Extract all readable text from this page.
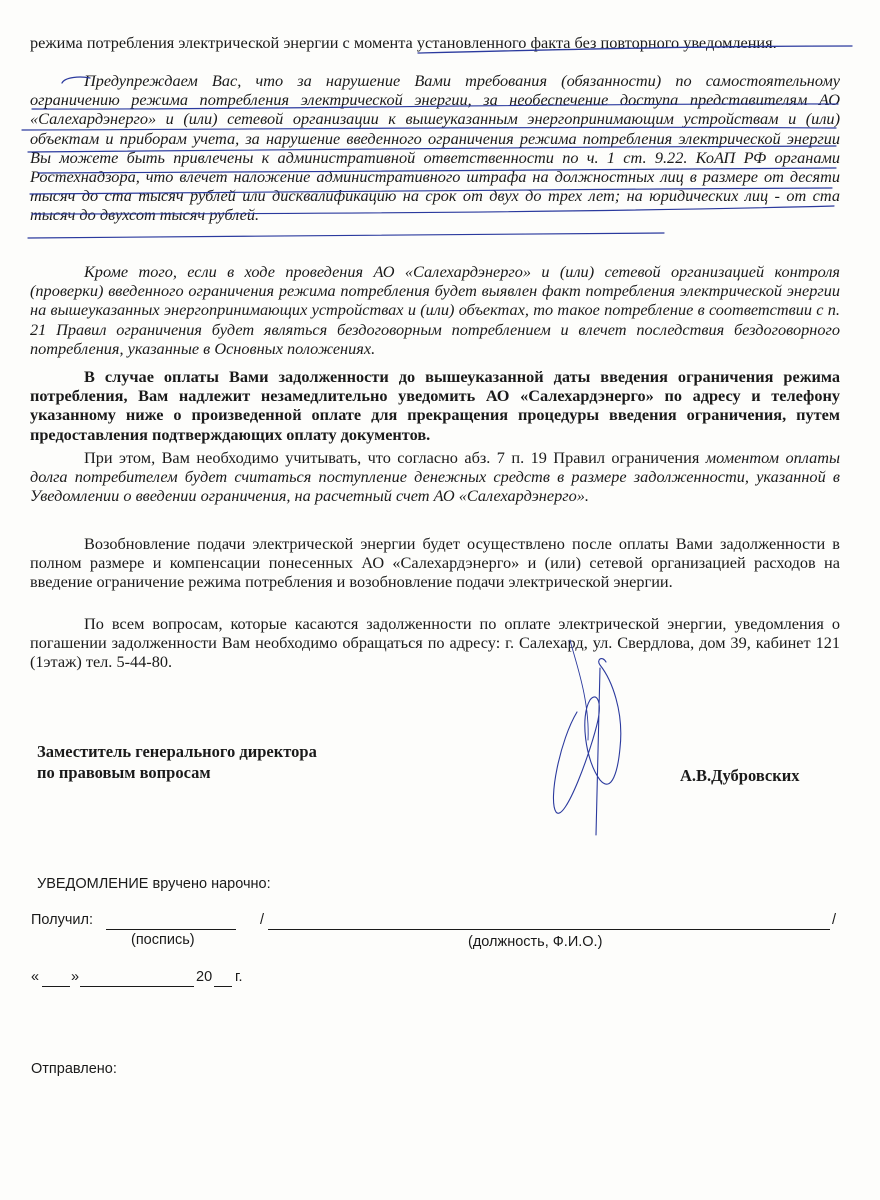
режима потребления электрической энергии с момента установленного факта без повторного уведомления.

Предупреждаем Вас, что за нарушение Вами требования (обязанности) по самостоятельному ограничению режима потребления электрической энергии, за необеспечение доступа представителям АО «Салехардэнерго» и (или) сетевой организации к вышеуказанным энергопринимающим устройствам и (или) объектам и приборам учета, за нарушение введенного ограничения режима потребления электрической энергии Вы можете быть привлечены к административной ответственности по ч. 1 ст. 9.22. КоАП РФ органами Ростехнадзора, что влечет наложение административного штрафа на должностных лиц в размере от десяти тысяч до ста тысяч рублей или дисквалификацию на срок от двух до трех лет; на юридических лиц - от ста тысяч до двухсот тысяч рублей.

Кроме того, если в ходе проведения АО «Салехардэнерго» и (или) сетевой организацией контроля (проверки) введенного ограничения режима потребления будет выявлен факт потребления электрической энергии на вышеуказанных энергопринимающих устройствах и (или) объектах, то такое потребление в соответствии с п. 21 Правил ограничения будет являться бездоговорным потреблением и влечет последствия бездоговорного потребления, указанные в Основных положениях.

В случае оплаты Вами задолженности до вышеуказанной даты введения ограничения режима потребления, Вам надлежит незамедлительно уведомить АО «Салехардэнерго» по адресу и телефону указанному ниже о произведенной оплате для прекращения процедуры введения ограничения, путем предоставления подтверждающих оплату документов.

При этом, Вам необходимо учитывать, что согласно абз. 7 п. 19 Правил ограничения моментом оплаты долга потребителем будет считаться поступление денежных средств в размере задолженности, указанной в Уведомлении о введении ограничения, на расчетный счет АО «Салехардэнерго».

Возобновление подачи электрической энергии будет осуществлено после оплаты Вами задолженности в полном размере и компенсации понесенных АО «Салехардэнерго» и (или) сетевой организацией расходов на введение ограничение режима потребления и возобновление подачи электрической энергии.

По всем вопросам, которые касаются задолженности по оплате электрической энергии, уведомления о погашении задолженности Вам необходимо обращаться по адресу: г. Салехард, ул. Свердлова, дом 39, кабинет 121 (1этаж) тел. 5-44-80.

Заместитель генерального директора
по правовым вопросам	А.В.Дубровских
УВЕДОМЛЕНИЕ вручено нарочно:
Получил:	/	/
(поспись)	(должность, Ф.И.О.)
« »	20 г.
Отправлено:
